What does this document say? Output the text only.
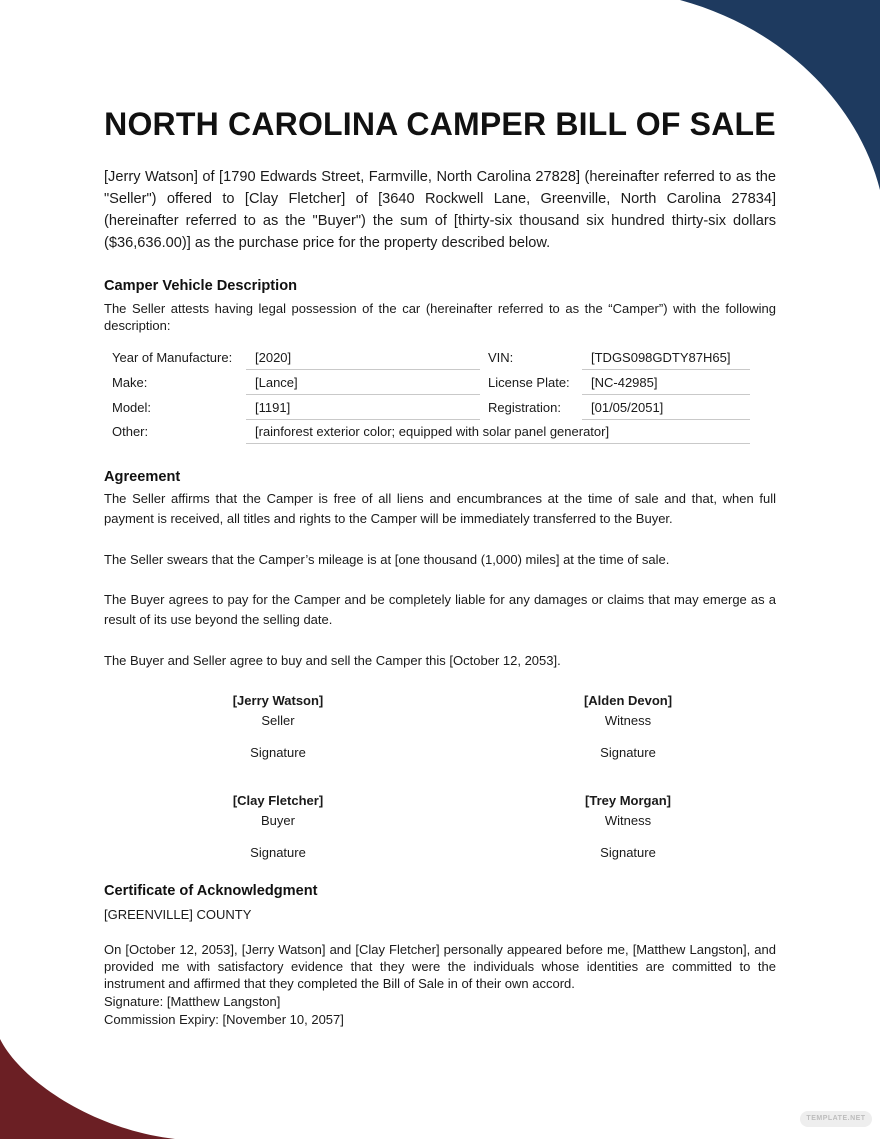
NORTH CAROLINA CAMPER BILL OF SALE

[Jerry Watson] of [1790 Edwards Street, Farmville, North Carolina 27828] (hereinafter referred to as the "Seller") offered to [Clay Fletcher] of [3640 Rockwell Lane, Greenville, North Carolina 27834] (hereinafter referred to as the "Buyer") the sum of [thirty-six thousand six hundred thirty-six dollars ($36,636.00)] as the purchase price for the property described below.

Camper Vehicle Description

The Seller attests having legal possession of the car (hereinafter referred to as the “Camper”) with the following description:

Year of Manufacture:	[2020]	VIN:	[TDGS098GDTY87H65]
Make:	[Lance]	License Plate:	[NC-42985]
Model:	[1191]	Registration:	[01/05/2051]
Other:	[rainforest exterior color; equipped with solar panel generator]

Agreement

The Seller affirms that the Camper is free of all liens and encumbrances at the time of sale and that, when full payment is received, all titles and rights to the Camper will be immediately transferred to the Buyer.

The Seller swears that the Camper’s mileage is at [one thousand (1,000) miles] at the time of sale.

The Buyer agrees to pay for the Camper and be completely liable for any damages or claims that may emerge as a result of its use beyond the selling date.

The Buyer and Seller agree to buy and sell the Camper this [October 12, 2053].

[Jerry Watson]

Seller

Signature

[Alden Devon]

Witness

Signature

[Clay Fletcher]

Buyer

Signature

[Trey Morgan]

Witness

Signature

Certificate of Acknowledgment

[GREENVILLE] COUNTY

On [October 12, 2053], [Jerry Watson] and [Clay Fletcher] personally appeared before me, [Matthew Langston], and provided me with satisfactory evidence that they were the individuals whose identities are committed to the instrument and affirmed that they completed the Bill of Sale in of their own accord.

Signature: [Matthew Langston]

Commission Expiry: [November 10, 2057]

TEMPLATE.NET
